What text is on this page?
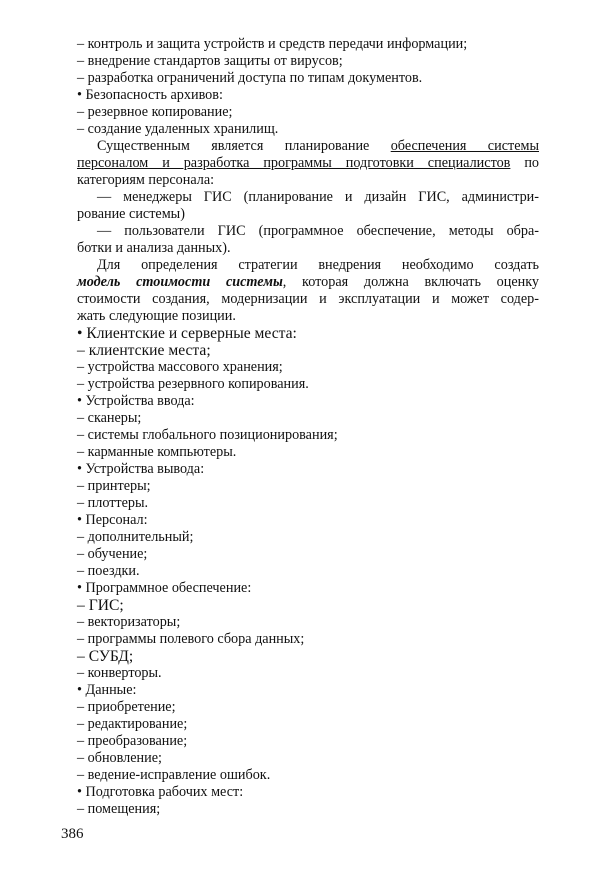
– контроль и защита устройств и средств передачи информации;
– внедрение стандартов защиты от вирусов;
– разработка ограничений доступа по типам документов.
• Безопасность архивов:
– резервное копирование;
– создание удаленных хранилищ.
Существенным является планирование обеспечения системы
персоналом и разработка программы подготовки специалистов по
категориям персонала:
— менеджеры ГИС (планирование и дизайн ГИС, администри-
рование системы)
— пользователи ГИС (программное обеспечение, методы обра-
ботки и анализа данных).
Для определения стратегии внедрения необходимо создать
модель стоимости системы, которая должна включать оценку
стоимости создания, модернизации и эксплуатации и может содер-
жать следующие позиции.
• Клиентские и серверные места:
– клиентские места;
– устройства массового хранения;
– устройства резервного копирования.
• Устройства ввода:
– сканеры;
– системы глобального позиционирования;
– карманные компьютеры.
• Устройства вывода:
– принтеры;
– плоттеры.
• Персонал:
– дополнительный;
– обучение;
– поездки.
• Программное обеспечение:
– ГИС;
– векторизаторы;
– программы полевого сбора данных;
– СУБД;
– конверторы.
• Данные:
– приобретение;
– редактирование;
– преобразование;
– обновление;
– ведение-исправление ошибок.
• Подготовка рабочих мест:
– помещения;
386
